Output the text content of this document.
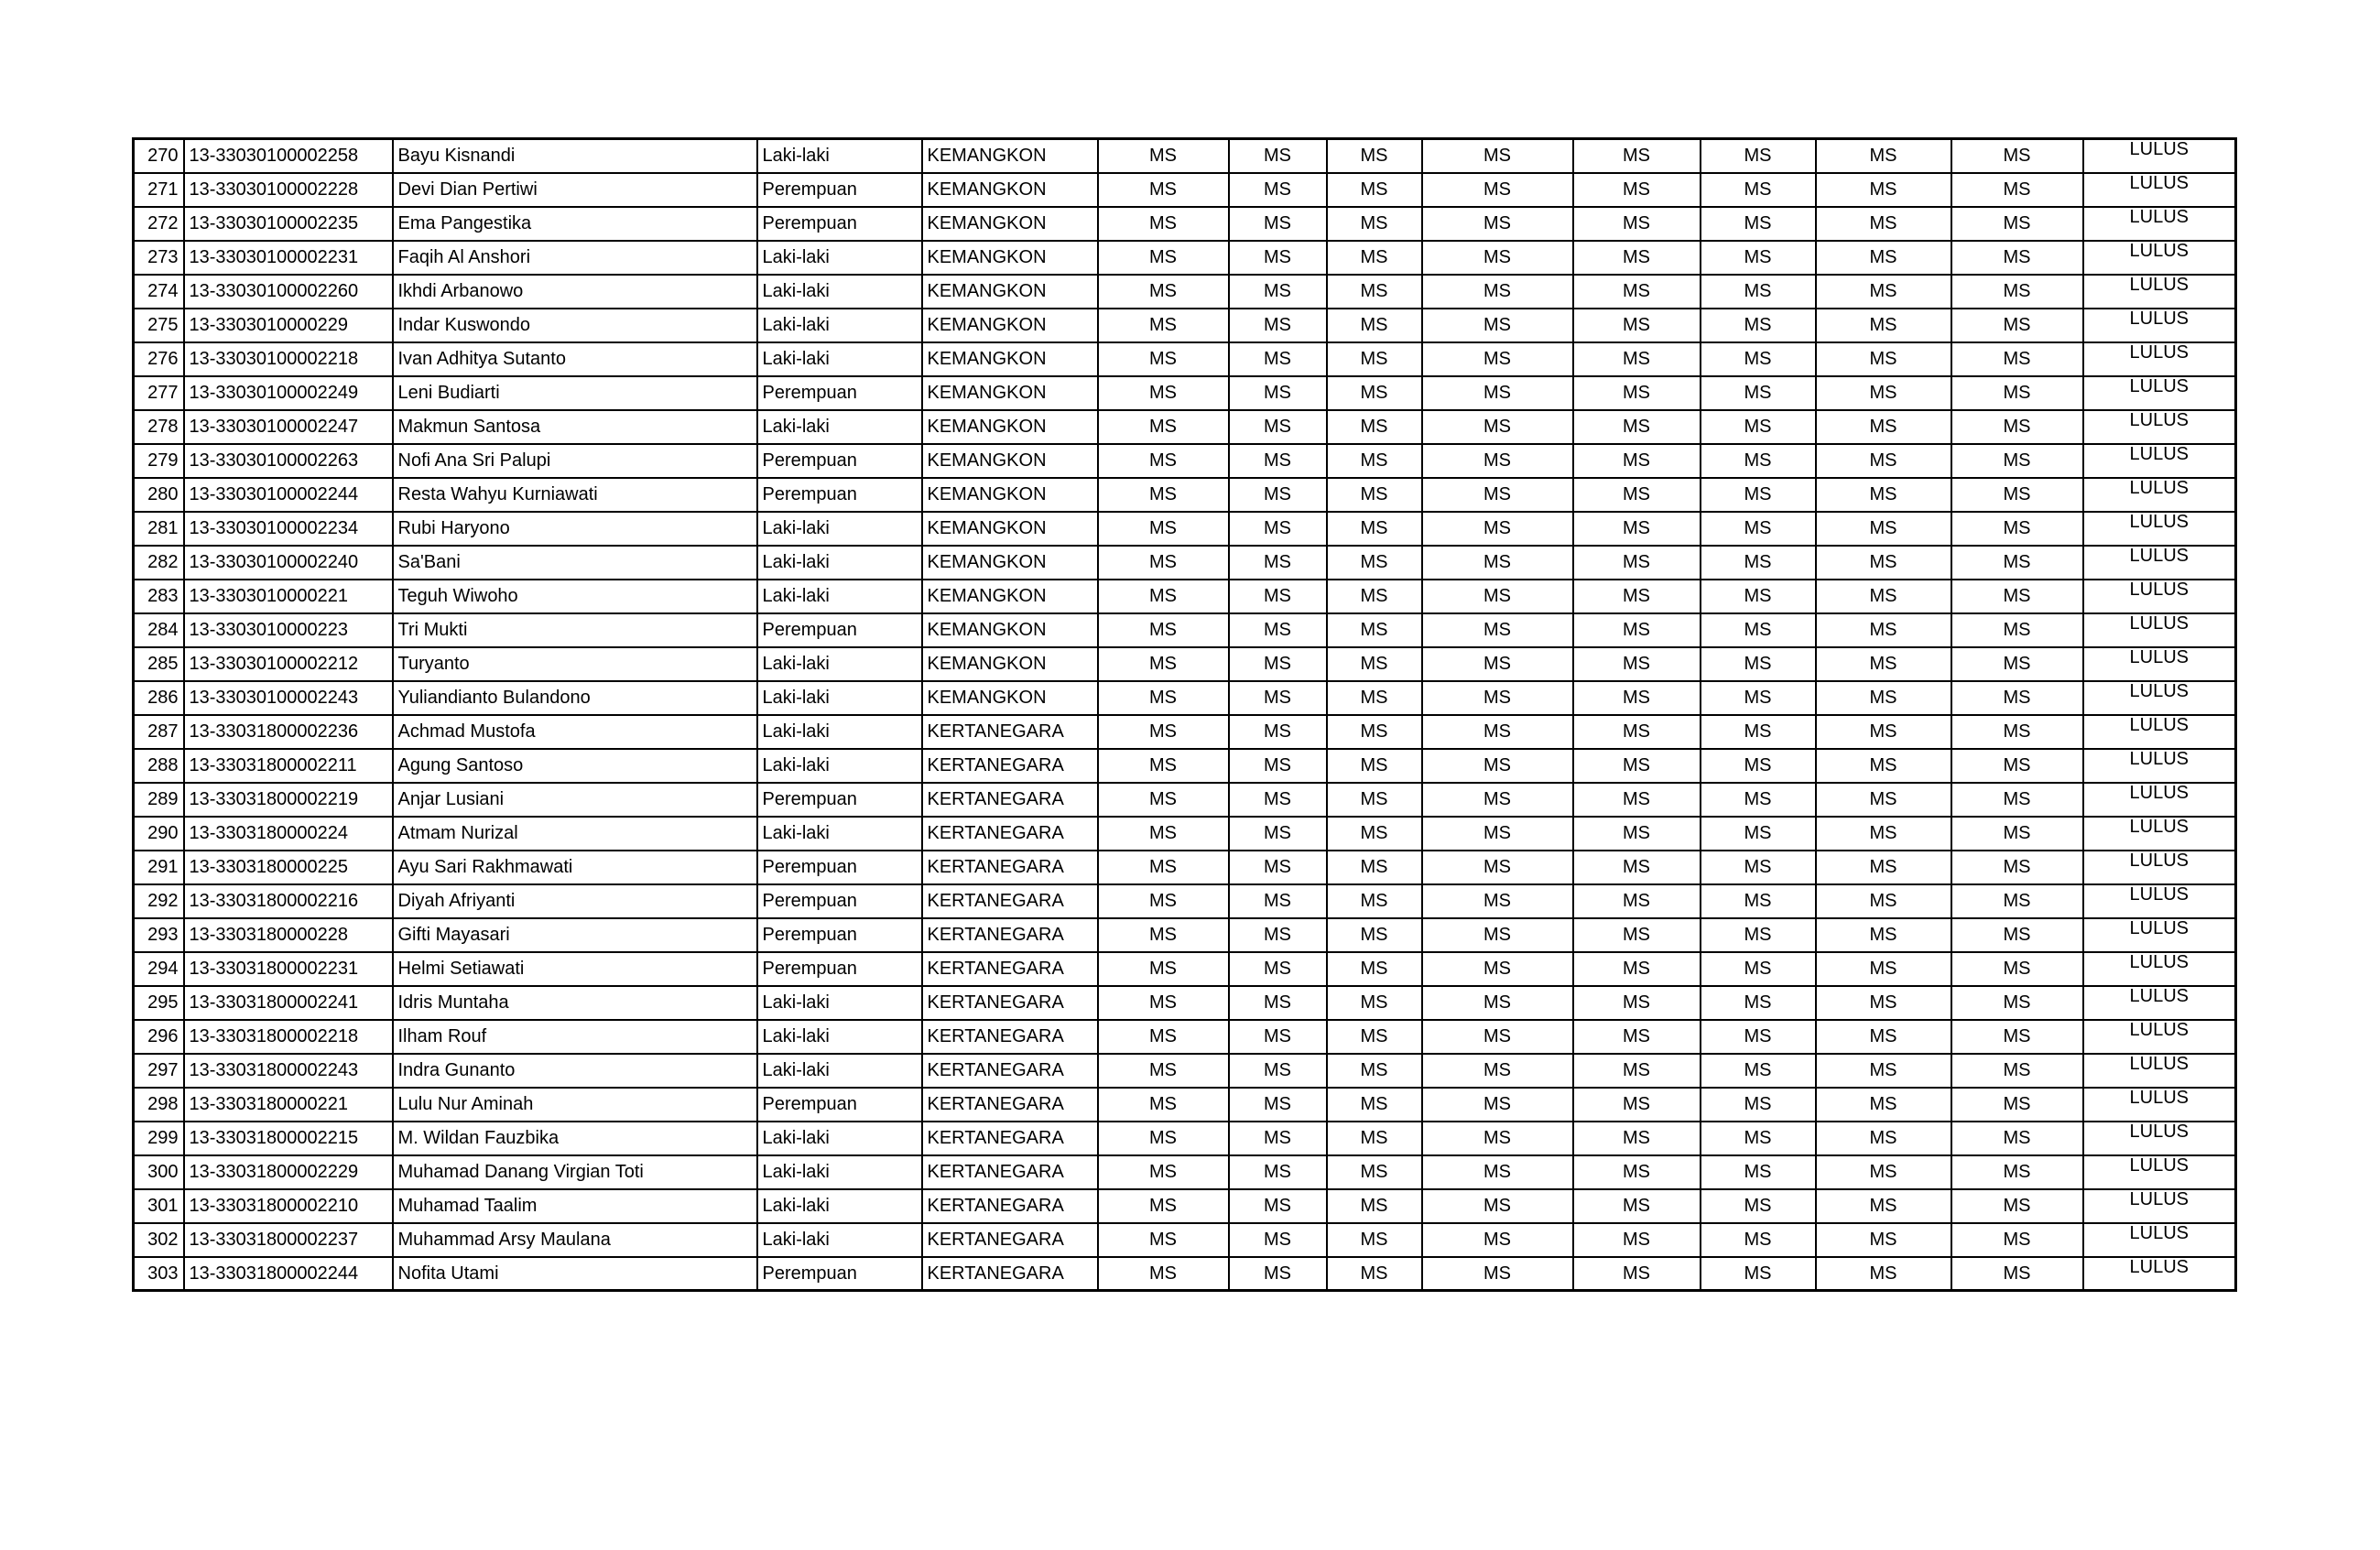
270	13-33030100002258	Bayu Kisnandi	Laki-laki	KEMANGKON	MS	MS	MS	MS	MS	MS	MS	MS	LULUS
271	13-33030100002228	Devi Dian Pertiwi	Perempuan	KEMANGKON	MS	MS	MS	MS	MS	MS	MS	MS	LULUS
272	13-33030100002235	Ema Pangestika	Perempuan	KEMANGKON	MS	MS	MS	MS	MS	MS	MS	MS	LULUS
273	13-33030100002231	Faqih Al Anshori	Laki-laki	KEMANGKON	MS	MS	MS	MS	MS	MS	MS	MS	LULUS
274	13-33030100002260	Ikhdi Arbanowo	Laki-laki	KEMANGKON	MS	MS	MS	MS	MS	MS	MS	MS	LULUS
275	13-3303010000229	Indar Kuswondo	Laki-laki	KEMANGKON	MS	MS	MS	MS	MS	MS	MS	MS	LULUS
276	13-33030100002218	Ivan Adhitya Sutanto	Laki-laki	KEMANGKON	MS	MS	MS	MS	MS	MS	MS	MS	LULUS
277	13-33030100002249	Leni Budiarti	Perempuan	KEMANGKON	MS	MS	MS	MS	MS	MS	MS	MS	LULUS
278	13-33030100002247	Makmun Santosa	Laki-laki	KEMANGKON	MS	MS	MS	MS	MS	MS	MS	MS	LULUS
279	13-33030100002263	Nofi Ana Sri Palupi	Perempuan	KEMANGKON	MS	MS	MS	MS	MS	MS	MS	MS	LULUS
280	13-33030100002244	Resta Wahyu Kurniawati	Perempuan	KEMANGKON	MS	MS	MS	MS	MS	MS	MS	MS	LULUS
281	13-33030100002234	Rubi Haryono	Laki-laki	KEMANGKON	MS	MS	MS	MS	MS	MS	MS	MS	LULUS
282	13-33030100002240	Sa'Bani	Laki-laki	KEMANGKON	MS	MS	MS	MS	MS	MS	MS	MS	LULUS
283	13-3303010000221	Teguh Wiwoho	Laki-laki	KEMANGKON	MS	MS	MS	MS	MS	MS	MS	MS	LULUS
284	13-3303010000223	Tri Mukti	Perempuan	KEMANGKON	MS	MS	MS	MS	MS	MS	MS	MS	LULUS
285	13-33030100002212	Turyanto	Laki-laki	KEMANGKON	MS	MS	MS	MS	MS	MS	MS	MS	LULUS
286	13-33030100002243	Yuliandianto Bulandono	Laki-laki	KEMANGKON	MS	MS	MS	MS	MS	MS	MS	MS	LULUS
287	13-33031800002236	Achmad Mustofa	Laki-laki	KERTANEGARA	MS	MS	MS	MS	MS	MS	MS	MS	LULUS
288	13-33031800002211	Agung Santoso	Laki-laki	KERTANEGARA	MS	MS	MS	MS	MS	MS	MS	MS	LULUS
289	13-33031800002219	Anjar Lusiani	Perempuan	KERTANEGARA	MS	MS	MS	MS	MS	MS	MS	MS	LULUS
290	13-3303180000224	Atmam Nurizal	Laki-laki	KERTANEGARA	MS	MS	MS	MS	MS	MS	MS	MS	LULUS
291	13-3303180000225	Ayu Sari Rakhmawati	Perempuan	KERTANEGARA	MS	MS	MS	MS	MS	MS	MS	MS	LULUS
292	13-33031800002216	Diyah Afriyanti	Perempuan	KERTANEGARA	MS	MS	MS	MS	MS	MS	MS	MS	LULUS
293	13-3303180000228	Gifti Mayasari	Perempuan	KERTANEGARA	MS	MS	MS	MS	MS	MS	MS	MS	LULUS
294	13-33031800002231	Helmi Setiawati	Perempuan	KERTANEGARA	MS	MS	MS	MS	MS	MS	MS	MS	LULUS
295	13-33031800002241	Idris Muntaha	Laki-laki	KERTANEGARA	MS	MS	MS	MS	MS	MS	MS	MS	LULUS
296	13-33031800002218	Ilham Rouf	Laki-laki	KERTANEGARA	MS	MS	MS	MS	MS	MS	MS	MS	LULUS
297	13-33031800002243	Indra Gunanto	Laki-laki	KERTANEGARA	MS	MS	MS	MS	MS	MS	MS	MS	LULUS
298	13-3303180000221	Lulu Nur Aminah	Perempuan	KERTANEGARA	MS	MS	MS	MS	MS	MS	MS	MS	LULUS
299	13-33031800002215	M. Wildan Fauzbika	Laki-laki	KERTANEGARA	MS	MS	MS	MS	MS	MS	MS	MS	LULUS
300	13-33031800002229	Muhamad Danang Virgian Toti	Laki-laki	KERTANEGARA	MS	MS	MS	MS	MS	MS	MS	MS	LULUS
301	13-33031800002210	Muhamad Taalim	Laki-laki	KERTANEGARA	MS	MS	MS	MS	MS	MS	MS	MS	LULUS
302	13-33031800002237	Muhammad Arsy Maulana	Laki-laki	KERTANEGARA	MS	MS	MS	MS	MS	MS	MS	MS	LULUS
303	13-33031800002244	Nofita Utami	Perempuan	KERTANEGARA	MS	MS	MS	MS	MS	MS	MS	MS	LULUS
